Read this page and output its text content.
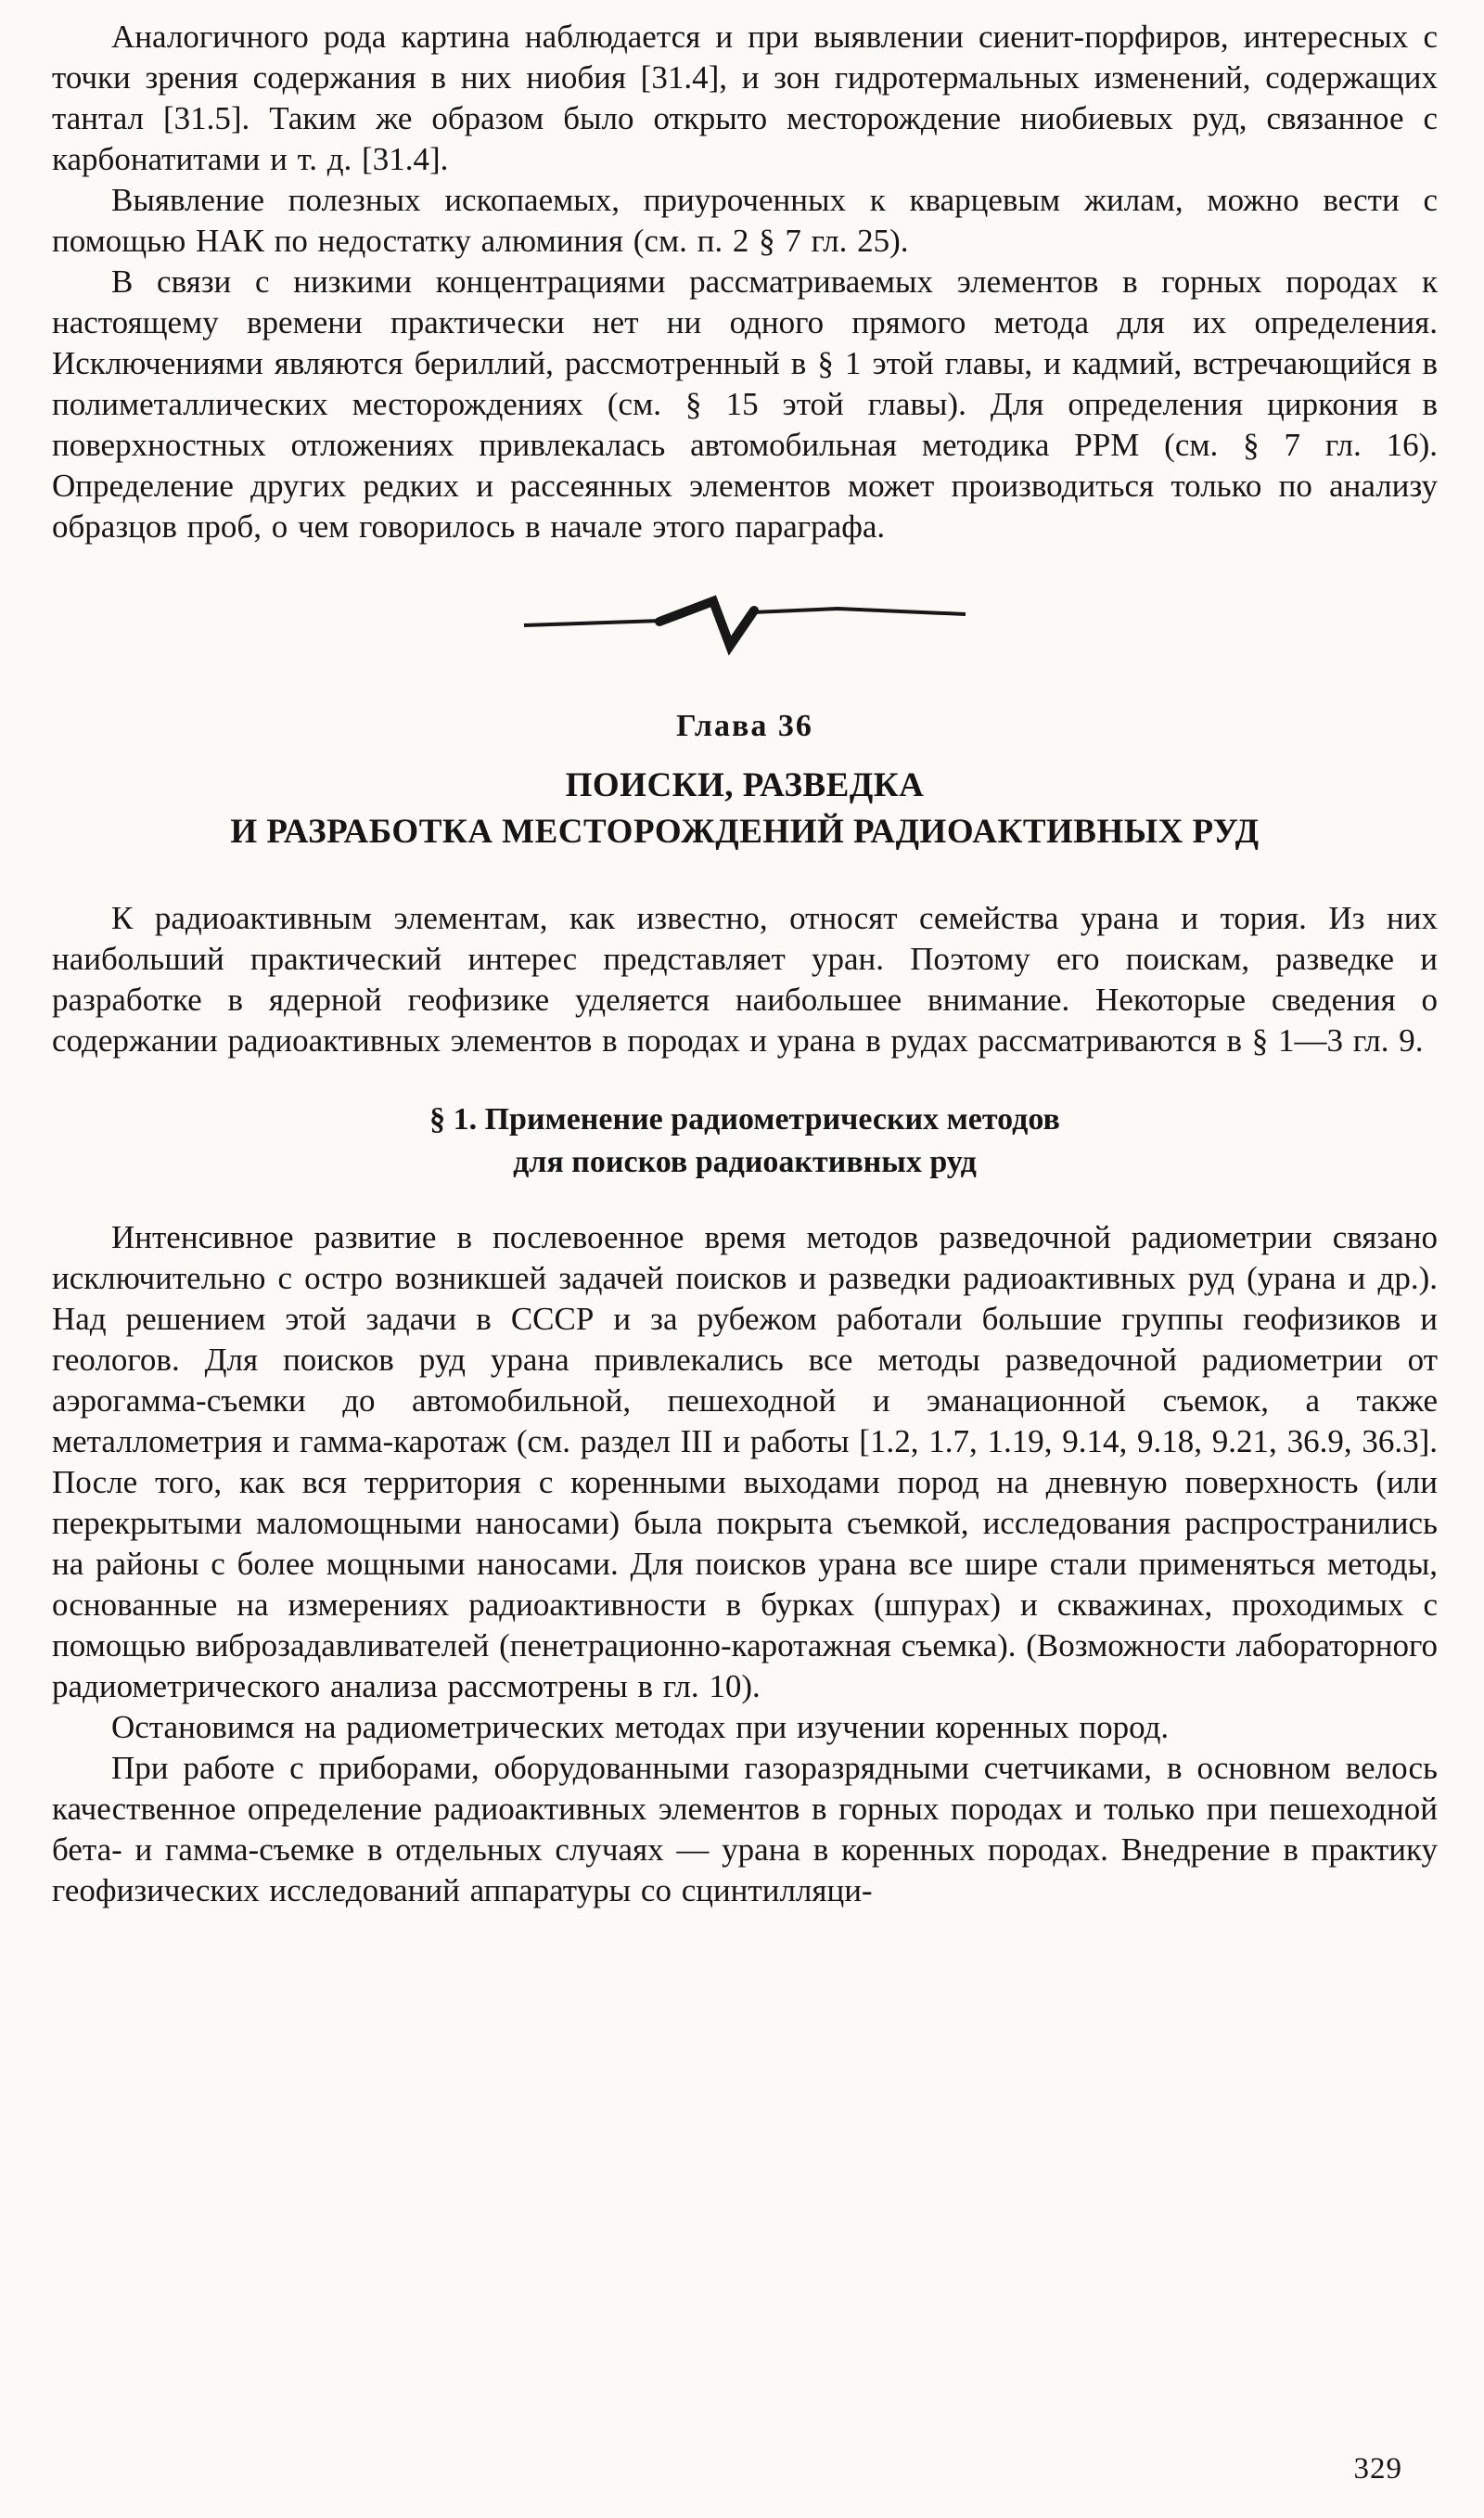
Аналогичного рода картина наблюдается и при выявлении сиенит-порфиров, интересных с точки зрения содержания в них ниобия [31.4], и зон гидротермальных изменений, содержащих тантал [31.5]. Таким же образом было открыто месторождение ниобиевых руд, связанное с карбонатитами и т. д. [31.4].

Выявление полезных ископаемых, приуроченных к кварцевым жилам, можно вести с помощью НАК по недостатку алюминия (см. п. 2 § 7 гл. 25).

В связи с низкими концентрациями рассматриваемых элементов в горных породах к настоящему времени практически нет ни одного прямого метода для их определения. Исключениями являются бериллий, рассмотренный в § 1 этой главы, и кадмий, встречающийся в полиметаллических месторождениях (см. § 15 этой главы). Для определения циркония в поверхностных отложениях привлекалась автомобильная методика РРМ (см. § 7 гл. 16). Определение других редких и рассеянных элементов может производиться только по анализу образцов проб, о чем говорилось в начале этого параграфа.

Глава 36
ПОИСКИ, РАЗВЕДКА
И РАЗРАБОТКА МЕСТОРОЖДЕНИЙ РАДИОАКТИВНЫХ РУД

К радиоактивным элементам, как известно, относят семейства урана и тория. Из них наибольший практический интерес представляет уран. Поэтому его поискам, разведке и разработке в ядерной геофизике уделяется наибольшее внимание. Некоторые сведения о содержании радиоактивных элементов в породах и урана в рудах рассматриваются в § 1—3 гл. 9.

§ 1. Применение радиометрических методов
для поисков радиоактивных руд

Интенсивное развитие в послевоенное время методов разведочной радиометрии связано исключительно с остро возникшей задачей поисков и разведки радиоактивных руд (урана и др.). Над решением этой задачи в СССР и за рубежом работали большие группы геофизиков и геологов. Для поисков руд урана привлекались все методы разведочной радиометрии от аэрогамма-съемки до автомобильной, пешеходной и эманационной съемок, а также металлометрия и гамма-каротаж (см. раздел III и работы [1.2, 1.7, 1.19, 9.14, 9.18, 9.21, 36.9, 36.3]. После того, как вся территория с коренными выходами пород на дневную поверхность (или перекрытыми маломощными наносами) была покрыта съемкой, исследования распространились на районы с более мощными наносами. Для поисков урана все шире стали применяться методы, основанные на измерениях радиоактивности в бурках (шпурах) и скважинах, проходимых с помощью виброзадавливателей (пенетрационно-каротажная съемка). (Возможности лабораторного радиометрического анализа рассмотрены в гл. 10).

Остановимся на радиометрических методах при изучении коренных пород.

При работе с приборами, оборудованными газоразрядными счетчиками, в основном велось качественное определение радиоактивных элементов в горных породах и только при пешеходной бета- и гамма-съемке в отдельных случаях — урана в коренных породах. Внедрение в практику геофизических исследований аппаратуры со сцинтилляци-

329
